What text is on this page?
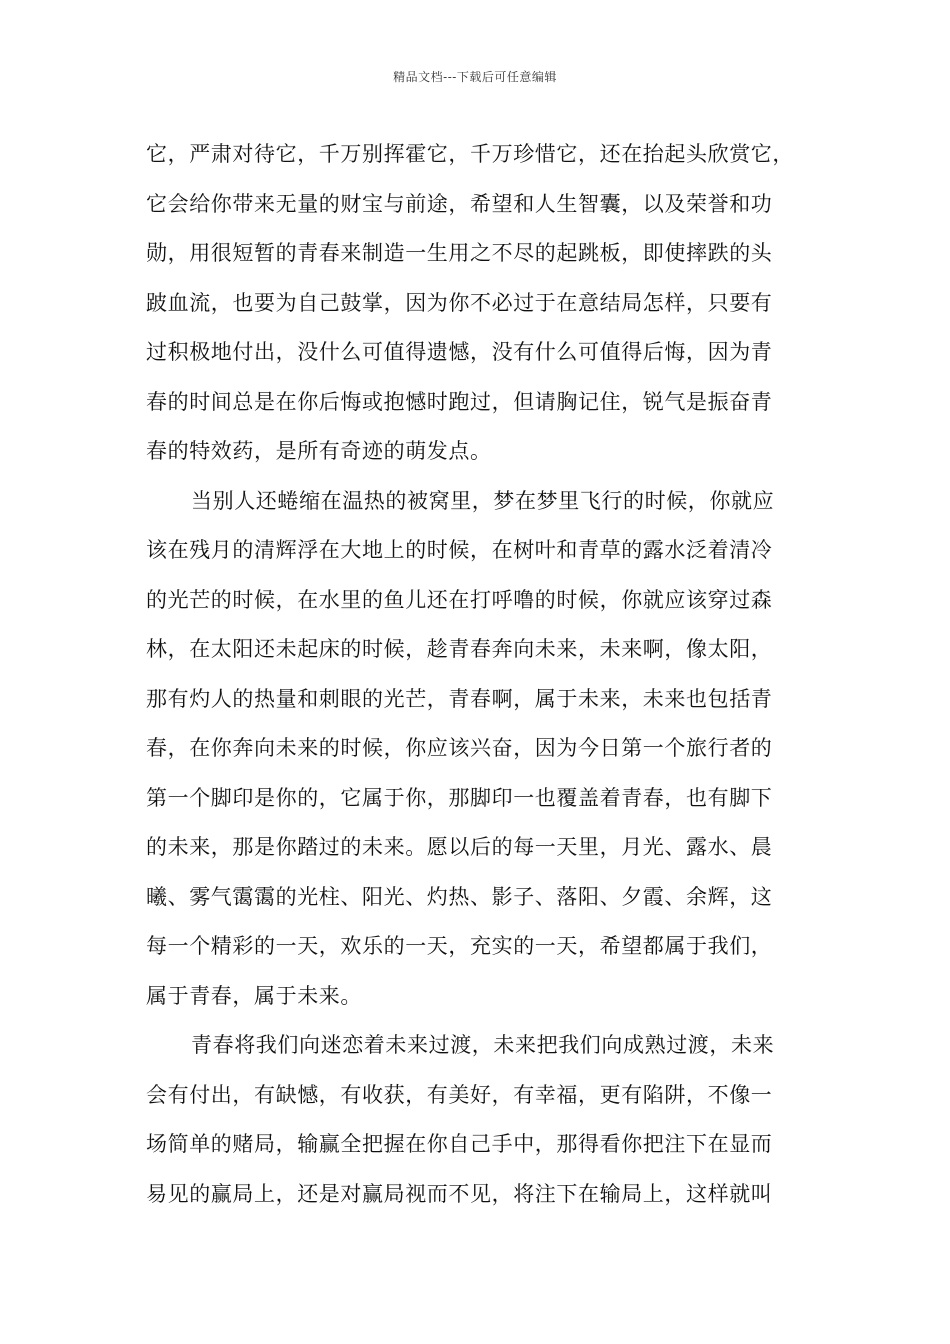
精品文档---下载后可任意编辑
它，严肃对待它，千万别挥霍它，千万珍惜它，还在抬起头欣赏它，
它会给你带来无量的财宝与前途，希望和人生智囊，以及荣誉和功
勋，用很短暂的青春来制造一生用之不尽的起跳板，即使摔跌的头
跛血流，也要为自己鼓掌，因为你不必过于在意结局怎样，只要有
过积极地付出，没什么可值得遗憾，没有什么可值得后悔，因为青
春的时间总是在你后悔或抱憾时跑过，但请胸记住，锐气是振奋青
春的特效药，是所有奇迹的萌发点。
当别人还蜷缩在温热的被窝里，梦在梦里飞行的时候，你就应
该在残月的清辉浮在大地上的时候，在树叶和青草的露水泛着清冷
的光芒的时候，在水里的鱼儿还在打呼噜的时候，你就应该穿过森
林，在太阳还未起床的时候，趁青春奔向未来，未来啊，像太阳，
那有灼人的热量和刺眼的光芒，青春啊，属于未来，未来也包括青
春，在你奔向未来的时候，你应该兴奋，因为今日第一个旅行者的
第一个脚印是你的，它属于你，那脚印一也覆盖着青春，也有脚下
的未来，那是你踏过的未来。愿以后的每一天里，月光、露水、晨
曦、雾气霭霭的光柱、阳光、灼热、影子、落阳、夕霞、余辉，这
每一个精彩的一天，欢乐的一天，充实的一天，希望都属于我们，
属于青春，属于未来。
青春将我们向迷恋着未来过渡，未来把我们向成熟过渡，未来
会有付出，有缺憾，有收获，有美好，有幸福，更有陷阱，不像一
场简单的赌局，输赢全把握在你自己手中，那得看你把注下在显而
易见的赢局上，还是对赢局视而不见，将注下在输局上，这样就叫
